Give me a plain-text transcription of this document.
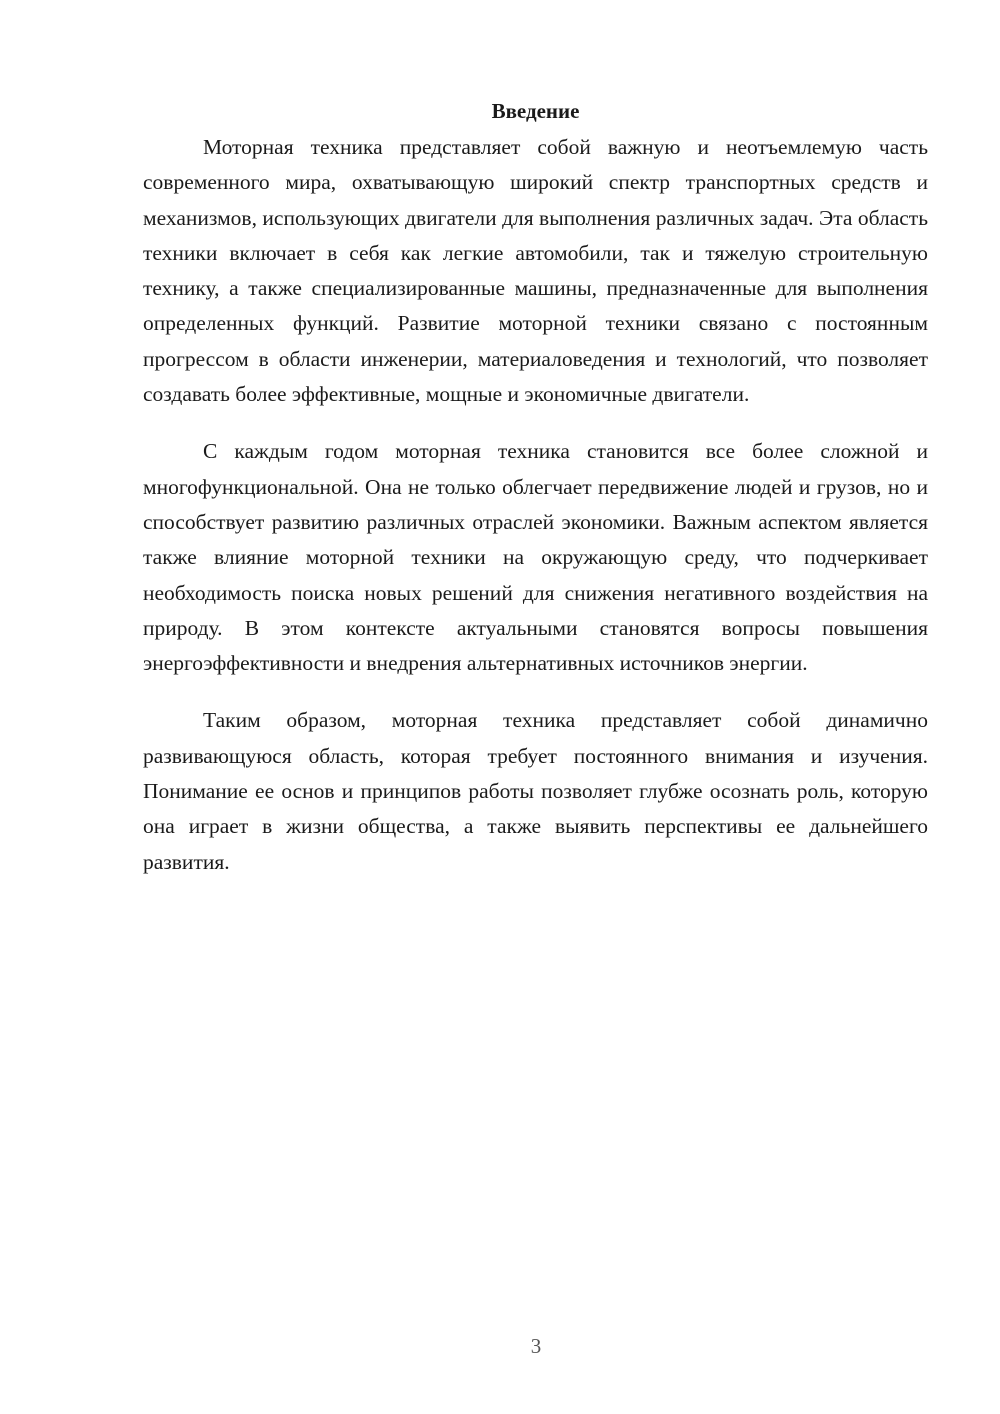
Введение

Моторная техника представляет собой важную и неотъемлемую часть современного мира, охватывающую широкий спектр транспортных средств и механизмов, использующих двигатели для выполнения различных задач. Эта область техники включает в себя как легкие автомобили, так и тяжелую строительную технику, а также специализированные машины, предназначенные для выполнения определенных функций. Развитие моторной техники связано с постоянным прогрессом в области инженерии, материаловедения и технологий, что позволяет создавать более эффективные, мощные и экономичные двигатели.

С каждым годом моторная техника становится все более сложной и многофункциональной. Она не только облегчает передвижение людей и грузов, но и способствует развитию различных отраслей экономики. Важным аспектом является также влияние моторной техники на окружающую среду, что подчеркивает необходимость поиска новых решений для снижения негативного воздействия на природу. В этом контексте актуальными становятся вопросы повышения энергоэффективности и внедрения альтернативных источников энергии.

Таким образом, моторная техника представляет собой динамично развивающуюся область, которая требует постоянного внимания и изучения. Понимание ее основ и принципов работы позволяет глубже осознать роль, которую она играет в жизни общества, а также выявить перспективы ее дальнейшего развития.

3
